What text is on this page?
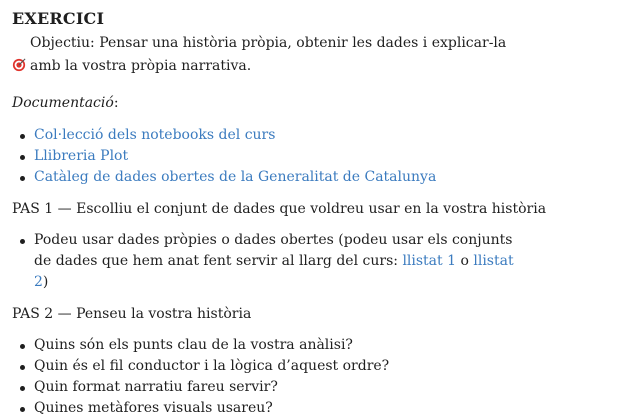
EXERCICI

Objectiu: Pensar una història pròpia, obtenir les dades i explicar-la amb la vostra pròpia narrativa.

Documentació:

Col·lecció dels notebooks del curs
Llibreria Plot
Catàleg de dades obertes de la Generalitat de Catalunya

PAS 1 — Escolliu el conjunt de dades que voldreu usar en la vostra història

Podeu usar dades pròpies o dades obertes (podeu usar els conjunts de dades que hem anat fent servir al llarg del curs: llistat 1 o llistat 2)

PAS 2 — Penseu la vostra història

Quins són els punts clau de la vostra anàlisi?
Quin és el fil conductor i la lògica d’aquest ordre?
Quin format narratiu fareu servir?
Quines metàfores visuals usareu?
